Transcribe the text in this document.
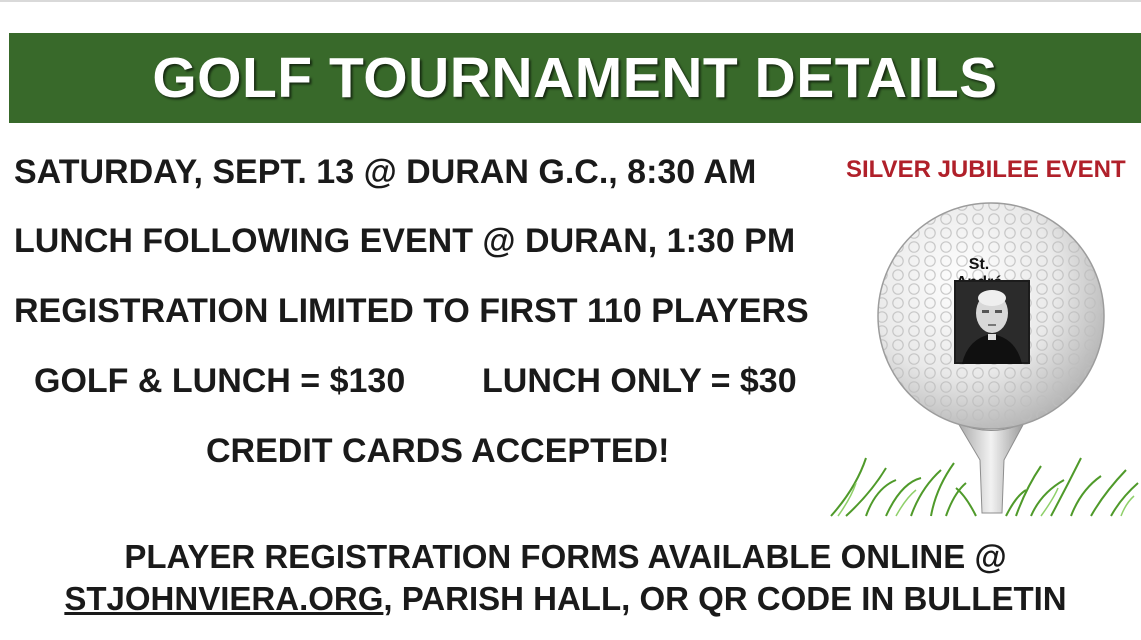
GOLF TOURNAMENT DETAILS
SATURDAY, SEPT. 13 @ DURAN G.C., 8:30 AM
LUNCH FOLLOWING EVENT @ DURAN, 1:30 PM
REGISTRATION LIMITED TO FIRST 110 PLAYERS
GOLF & LUNCH = $130 LUNCH ONLY = $30
CREDIT CARDS ACCEPTED!
SILVER JUBILEE EVENT
St.
PLAYER REGISTRATION FORMS AVAILABLE ONLINE @
STJOHNVIERA.ORG, PARISH HALL, OR QR CODE IN BULLETIN
